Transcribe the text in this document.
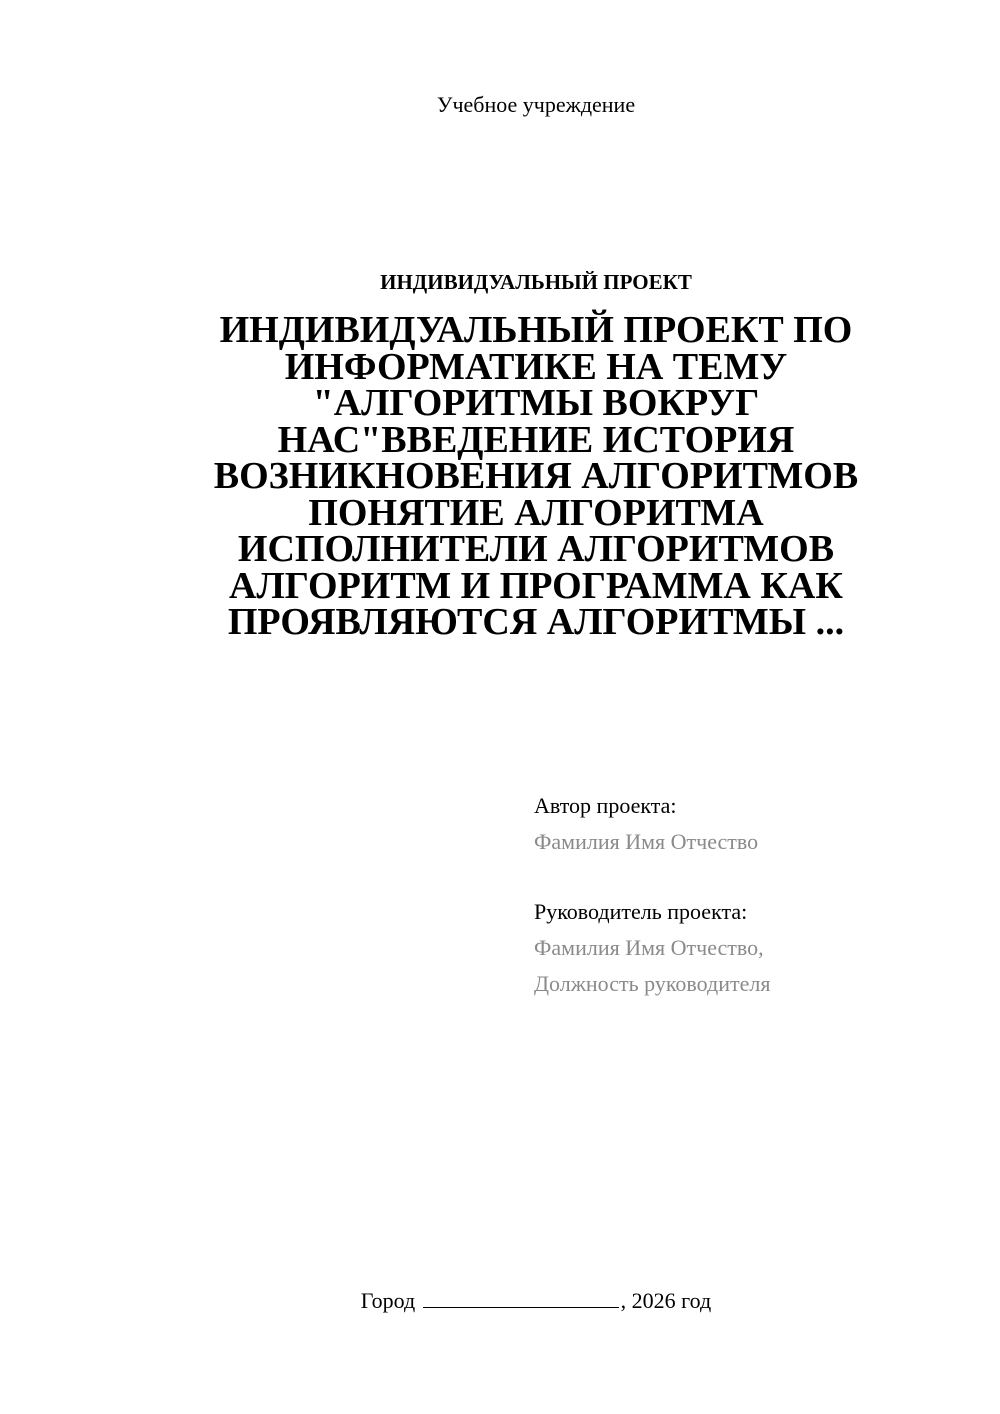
Учебное учреждение
ИНДИВИДУАЛЬНЫЙ ПРОЕКТ
ИНДИВИДУАЛЬНЫЙ ПРОЕКТ ПО ИНФОРМАТИКЕ НА ТЕМУ "АЛГОРИТМЫ ВОКРУГ НАС"ВВЕДЕНИЕ ИСТОРИЯ ВОЗНИКНОВЕНИЯ АЛГОРИТМОВ ПОНЯТИЕ АЛГОРИТМА ИСПОЛНИТЕЛИ АЛГОРИТМОВ АЛГОРИТМ И ПРОГРАММА КАК ПРОЯВЛЯЮТСЯ АЛГОРИТМЫ ...
Автор проекта:
Фамилия Имя Отчество
Руководитель проекта:
Фамилия Имя Отчество,
Должность руководителя
Город	, 2026 год
